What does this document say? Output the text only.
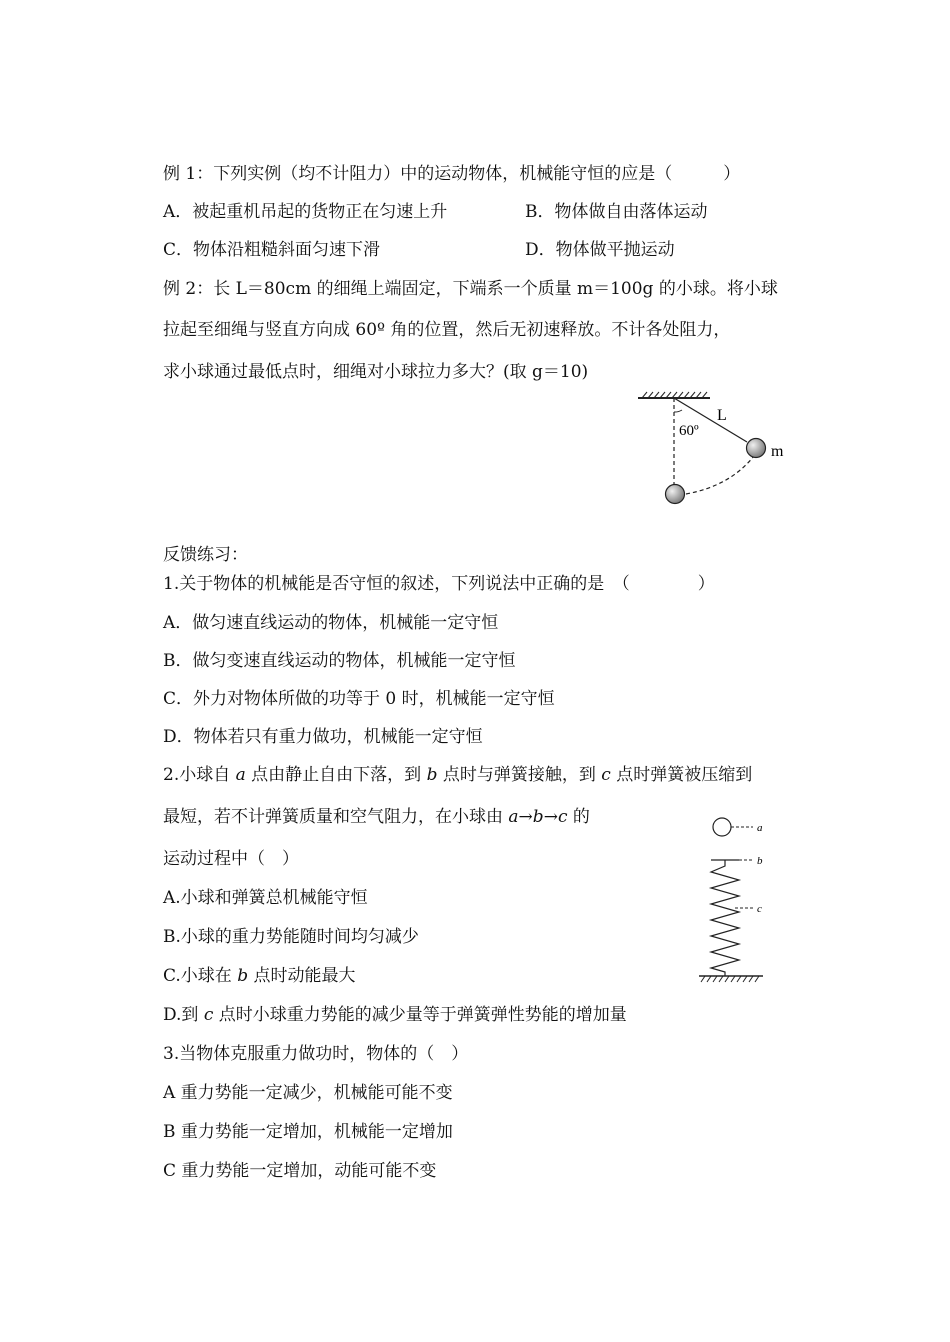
例 1：下列实例（均不计阻力）中的运动物体，机械能守恒的应是（　　　）
A．被起重机吊起的货物正在匀速上升	B．物体做自由落体运动
C．物体沿粗糙斜面匀速下滑	D．物体做平抛运动
例 2：长 L＝80cm 的细绳上端固定，下端系一个质量 m＝100g 的小球。将小球
拉起至细绳与竖直方向成 60º 角的位置，然后无初速释放。不计各处阻力，
求小球通过最低点时，细绳对小球拉力多大？(取 g＝10)
L
60º
m
反馈练习：
1.关于物体的机械能是否守恒的叙述，下列说法中正确的是　（　　　　）
A．做匀速直线运动的物体，机械能一定守恒
B．做匀变速直线运动的物体，机械能一定守恒
C．外力对物体所做的功等于 0 时，机械能一定守恒
D．物体若只有重力做功，机械能一定守恒
2.小球自 a 点由静止自由下落，到 b 点时与弹簧接触，到 c 点时弹簧被压缩到
最短，若不计弹簧质量和空气阻力，在小球由 a→b→c 的
运动过程中（　）
A.小球和弹簧总机械能守恒
B.小球的重力势能随时间均匀减少
C.小球在 b 点时动能最大
D.到 c 点时小球重力势能的减少量等于弹簧弹性势能的增加量
a
b
c
3.当物体克服重力做功时，物体的（　）
A 重力势能一定减少，机械能可能不变
B 重力势能一定增加，机械能一定增加
C 重力势能一定增加，动能可能不变
